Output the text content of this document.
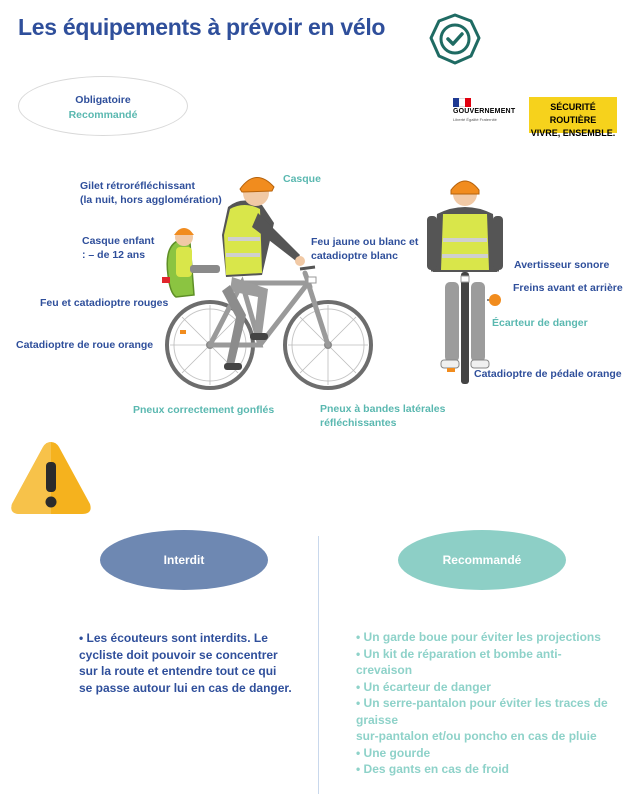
Les équipements à prévoir en vélo
Obligatoire
Recommandé	GOUVERNEMENT
Liberté Égalité Fraternité
SÉCURITÉ ROUTIÈRE
VIVRE, ENSEMBLE.
Casque
Gilet rétroréfléchissant
(la nuit, hors agglomération)
Casque enfant
: – de 12 ans
Feu jaune ou blanc et
catadioptre blanc
Feu et catadioptre rouges
Catadioptre de roue orange
Pneux correctement gonflés	Pneux à bandes latérales
réfléchissantes
Avertisseur sonore
Freins avant et arrière
Écarteur de danger
Catadioptre de pédale orange
Interdit
• Les écouteurs sont interdits. Le
cycliste doit pouvoir se concentrer
sur la route et entendre tout ce qui
se passe autour lui en cas de danger.
Recommandé
• Un garde boue pour éviter les projections
• Un kit de réparation et bombe anti-
crevaison
• Un écarteur de danger
• Un serre-pantalon pour éviter les traces de
graisse
sur-pantalon et/ou poncho en cas de pluie
• Une gourde
• Des gants en cas de froid
